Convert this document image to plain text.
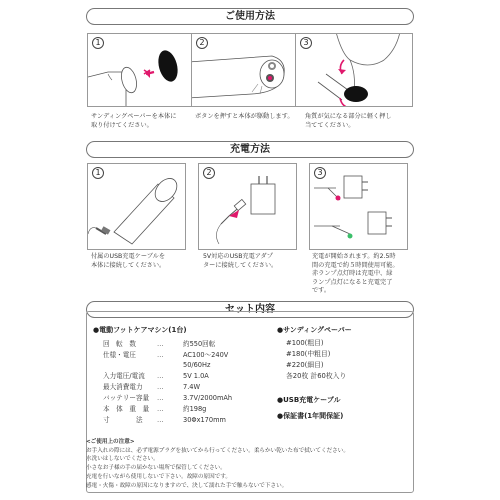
ご使用方法
1	2	3
サンディングペーパーを本体に
取り付けてください。
ボタンを押すと本体が駆動します。 角質が気になる部分に軽く押し
当ててください。
充電方法
1	2	3
付属のUSB充電ケーブルを
本体に接続してください。
5V対応のUSB充電アダプ
ターに接続してください。
充電が開始されます。約2.5時
間の充電で約５時間使用可能。
赤ランプ点灯時は充電中、緑
ランプ点灯になると充電完了
です。
セット内容
●電動フットケアマシン(1台)
回　転　数	…	約550回転
仕様・電圧	…	AC100〜240V
50/60Hz
入力電圧/電流 …	5V 1.0A
最大消費電力 …	7.4W
バッテリー容量 …	3.7V/2000mAh
本　体　重　量 …	約198g
寸　　　　法 …	30Φx170mm
●サンディングペーパー
#100(粗目)
#180(中粗目)
#220(細目)
各20枚 計60枚入り
●USB充電ケーブル
●保証書(1年間保証)
<ご使用上の注意>
お手入れの際には、必ず電源プラグを抜いてから行ってください。柔らかい乾いた布で拭いてください。
水洗いはしないでください。
小さなお子様の手の届かない場所で保管してください。
充電を行いながら使用しないで下さい。故障の原因です。
感電・火傷・故障の原因になりますので、決して濡れた手で触らないで下さい。
